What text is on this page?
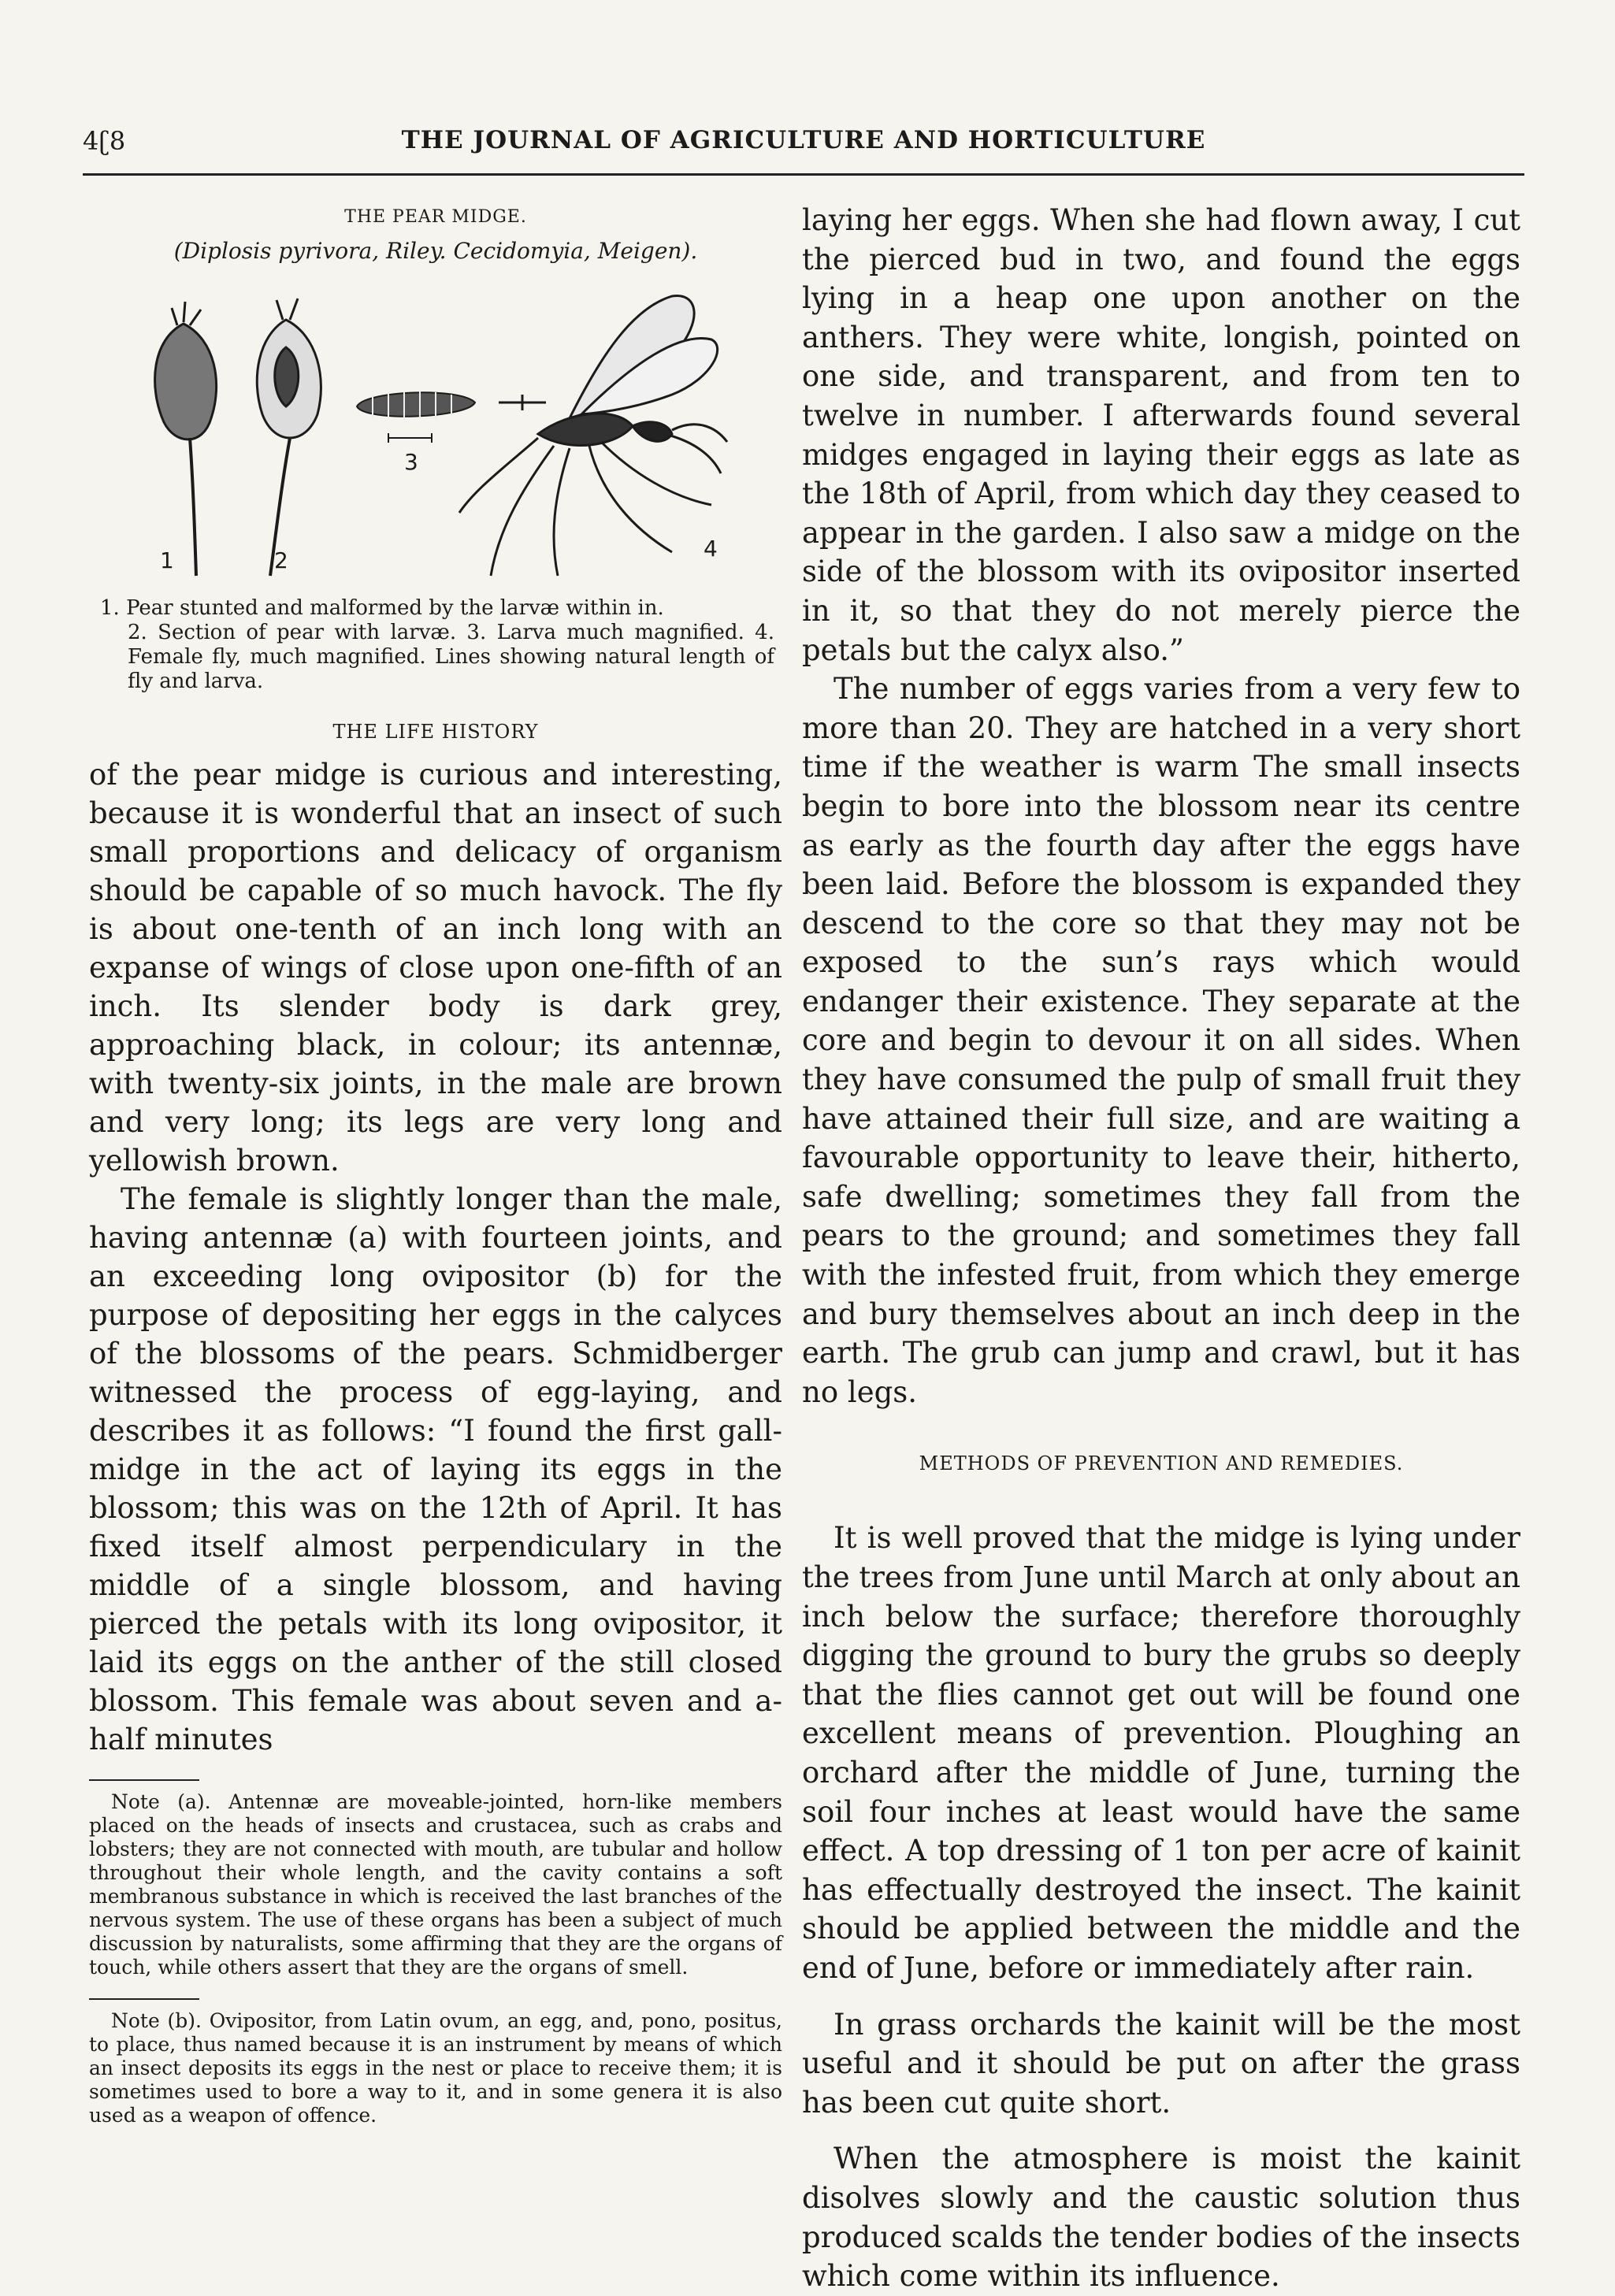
4ʗ8	THE JOURNAL OF AGRICULTURE AND HORTICULTURE
THE PEAR MIDGE.
(Diplosis pyrivora, Riley. Cecidomyia, Meigen).
1	2
3
4
1. Pear stunted and malformed by the larvæ within in.
2. Section of pear with larvæ. 3. Larva much magnified. 4. Female fly, much magnified. Lines showing natural length of fly and larva.
THE LIFE HISTORY

of the pear midge is curious and interesting, because it is wonderful that an insect of such small proportions and delicacy of organism should be capable of so much havock. The fly is about one-tenth of an inch long with an expanse of wings of close upon one-fifth of an inch. Its slender body is dark grey, approaching black, in colour; its antennæ, with twenty-six joints, in the male are brown and very long; its legs are very long and yellowish brown.

The female is slightly longer than the male, having antennæ (a) with fourteen joints, and an exceeding long ovipositor (b) for the purpose of depositing her eggs in the calyces of the blossoms of the pears. Schmidberger witnessed the process of egg-laying, and describes it as follows: “I found the first gall-midge in the act of laying its eggs in the blossom; this was on the 12th of April. It has fixed itself almost perpendiculary in the middle of a single blossom, and having pierced the petals with its long ovipositor, it laid its eggs on the anther of the still closed blossom. This female was about seven and a-half minutes

Note (a). Antennæ are moveable-jointed, horn-like members placed on the heads of insects and crustacea, such as crabs and lobsters; they are not connected with mouth, are tubular and hollow throughout their whole length, and the cavity contains a soft membranous substance in which is received the last branches of the nervous system. The use of these organs has been a subject of much discussion by naturalists, some affirming that they are the organs of touch, while others assert that they are the organs of smell.

Note (b). Ovipositor, from Latin ovum, an egg, and, pono, positus, to place, thus named because it is an instrument by means of which an insect deposits its eggs in the nest or place to receive them; it is sometimes used to bore a way to it, and in some genera it is also used as a weapon of offence.

laying her eggs. When she had flown away, I cut the pierced bud in two, and found the eggs lying in a heap one upon another on the anthers. They were white, longish, pointed on one side, and transparent, and from ten to twelve in number. I afterwards found several midges engaged in laying their eggs as late as the 18th of April, from which day they ceased to appear in the garden. I also saw a midge on the side of the blossom with its ovipositor inserted in it, so that they do not merely pierce the petals but the calyx also.”

The number of eggs varies from a very few to more than 20. They are hatched in a very short time if the weather is warm The small insects begin to bore into the blossom near its centre as early as the fourth day after the eggs have been laid. Before the blossom is expanded they descend to the core so that they may not be exposed to the sun’s rays which would endanger their existence. They separate at the core and begin to devour it on all sides. When they have consumed the pulp of small fruit they have attained their full size, and are waiting a favourable opportunity to leave their, hitherto, safe dwelling; sometimes they fall from the pears to the ground; and sometimes they fall with the infested fruit, from which they emerge and bury themselves about an inch deep in the earth. The grub can jump and crawl, but it has no legs.

METHODS OF PREVENTION AND REMEDIES.

It is well proved that the midge is lying under the trees from June until March at only about an inch below the surface; therefore thoroughly digging the ground to bury the grubs so deeply that the flies cannot get out will be found one excellent means of prevention. Ploughing an orchard after the middle of June, turning the soil four inches at least would have the same effect. A top dressing of 1 ton per acre of kainit has effectually destroyed the insect. The kainit should be applied between the middle and the end of June, before or immediately after rain.

In grass orchards the kainit will be the most useful and it should be put on after the grass has been cut quite short.

When the atmosphere is moist the kainit disolves slowly and the caustic solution thus produced scalds the tender bodies of the insects which come within its influence.
